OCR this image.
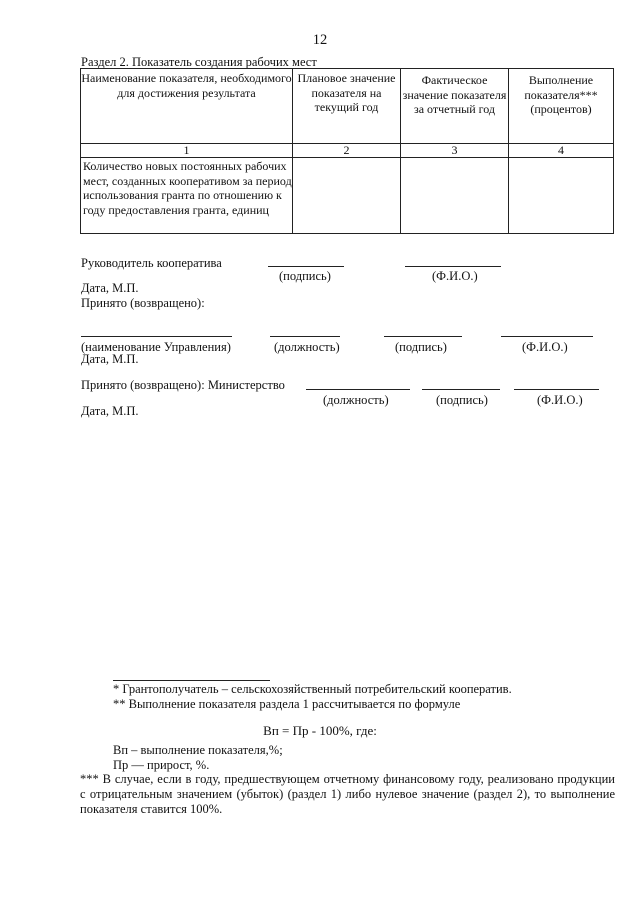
12
Раздел 2. Показатель создания рабочих мест
Наименование показателя, необходимого для достижения результата	Плановое значение показателя на текущий год	Фактическое значение показателя за отчетный год	Выполнение показателя*** (процентов)
1	2	3	4
Количество новых постоянных рабочих мест, созданных кооперативом за период использования гранта по отношению к году предоставления гранта, единиц			
Руководитель кооператива
(подпись)	(Ф.И.О.)
Дата, М.П.
Принято (возвращено):
(наименование Управления)	(должность)	(подпись)	(Ф.И.О.)
Дата, М.П.
Принято (возвращено): Министерство
(должность)	(подпись)	(Ф.И.О.)
Дата, М.П.
* Грантополучатель – сельскохозяйственный потребительский кооператив.
** Выполнение показателя раздела 1 рассчитывается по формуле
Вп = Пр - 100%, где:
Вп – выполнение показателя,%;
Пр — прирост, %.
*** В случае, если в году, предшествующем отчетному финансовому году, реализовано продукции с отрицательным значением (убыток) (раздел 1) либо нулевое значение (раздел 2), то выполнение показателя ставится 100%.
